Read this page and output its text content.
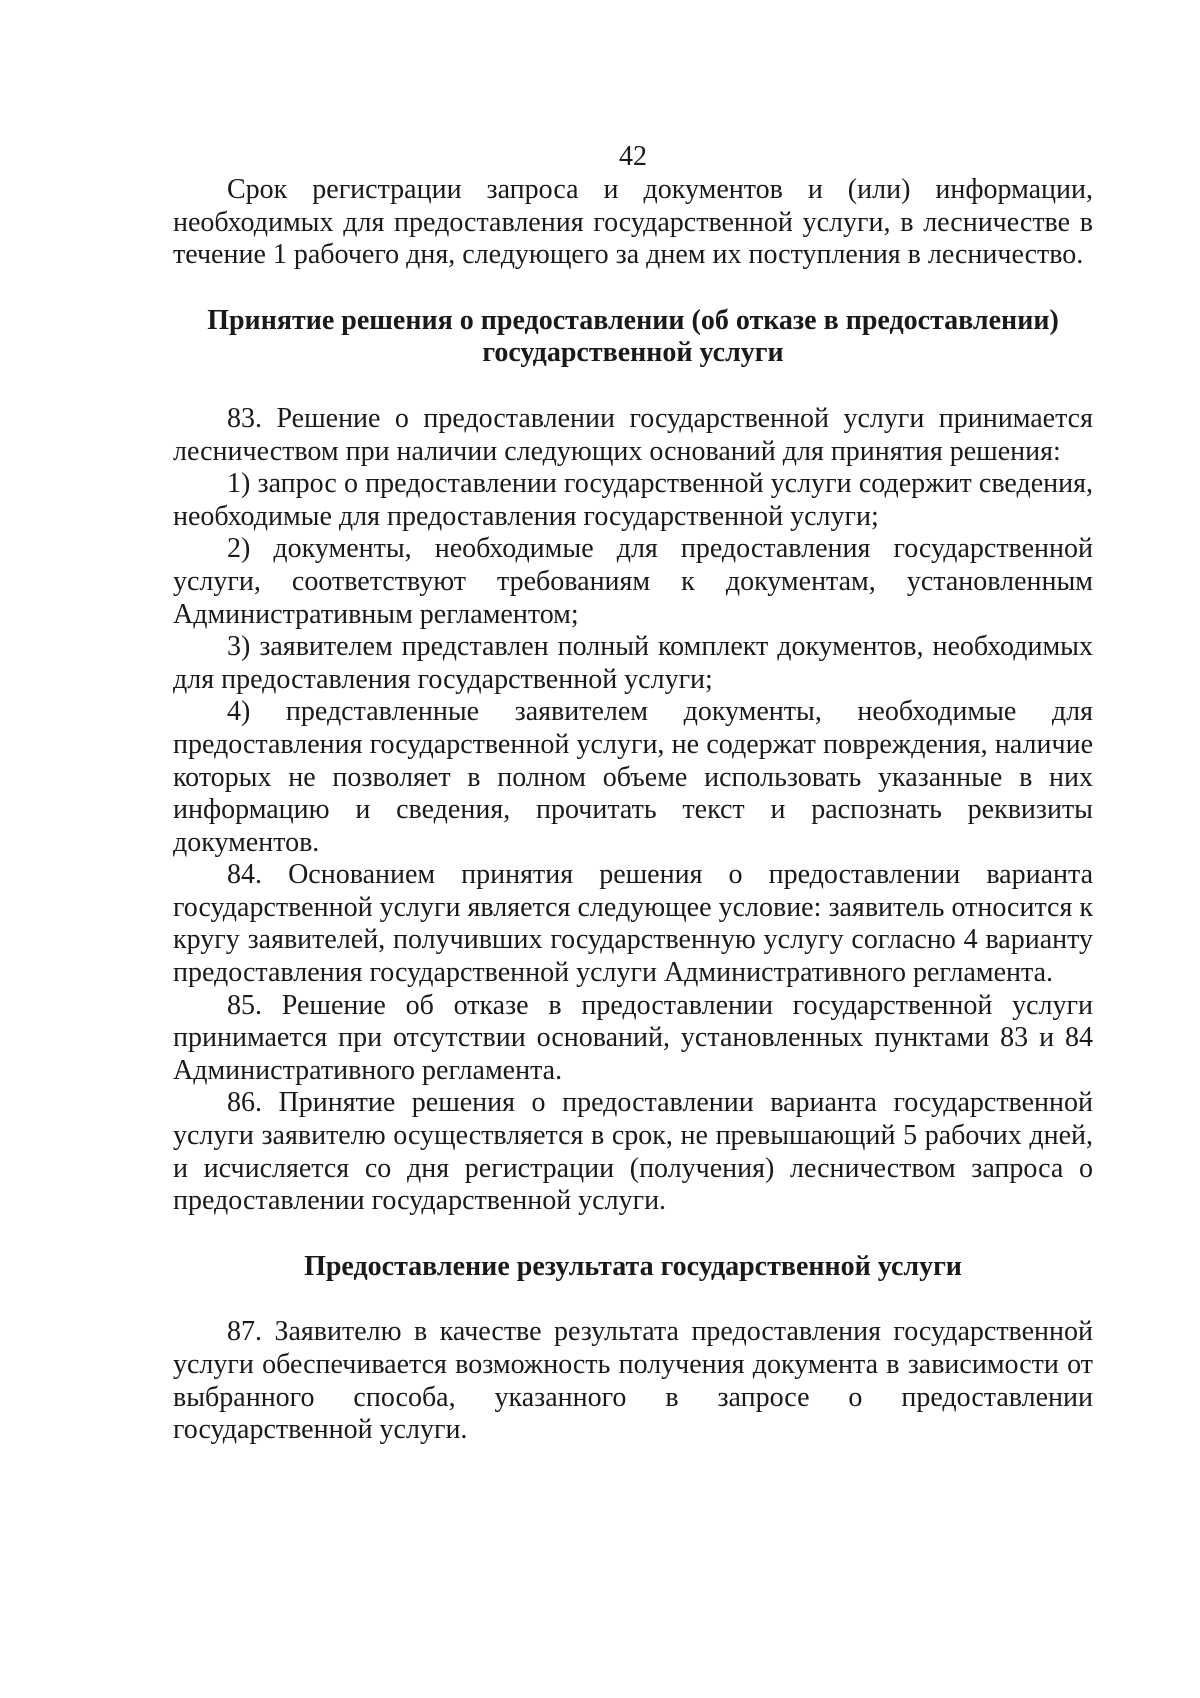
42

Срок регистрации запроса и документов и (или) информации, необходимых для предоставления государственной услуги, в лесничестве в течение 1 рабочего дня, следующего за днем их поступления в лесничество.

Принятие решения о предоставлении (об отказе в предоставлении)
государственной услуги

83. Решение о предоставлении государственной услуги принимается лесничеством при наличии следующих оснований для принятия решения:

1) запрос о предоставлении государственной услуги содержит сведения, необходимые для предоставления государственной услуги;

2) документы, необходимые для предоставления государственной услуги, соответствуют требованиям к документам, установленным Административным регламентом;

3) заявителем представлен полный комплект документов, необходимых для предоставления государственной услуги;

4) представленные заявителем документы, необходимые для предоставления государственной услуги, не содержат повреждения, наличие которых не позволяет в полном объеме использовать указанные в них информацию и сведения, прочитать текст и распознать реквизиты документов.

84. Основанием принятия решения о предоставлении варианта государственной услуги является следующее условие: заявитель относится к кругу заявителей, получивших государственную услугу согласно 4 варианту предоставления государственной услуги Административного регламента.

85. Решение об отказе в предоставлении государственной услуги принимается при отсутствии оснований, установленных пунктами 83 и 84 Административного регламента.

86. Принятие решения о предоставлении варианта государственной услуги заявителю осуществляется в срок, не превышающий 5 рабочих дней, и исчисляется со дня регистрации (получения) лесничеством запроса о предоставлении государственной услуги.

Предоставление результата государственной услуги

87. Заявителю в качестве результата предоставления государственной услуги обеспечивается возможность получения документа в зависимости от выбранного способа, указанного в запросе о предоставлении государственной услуги.
